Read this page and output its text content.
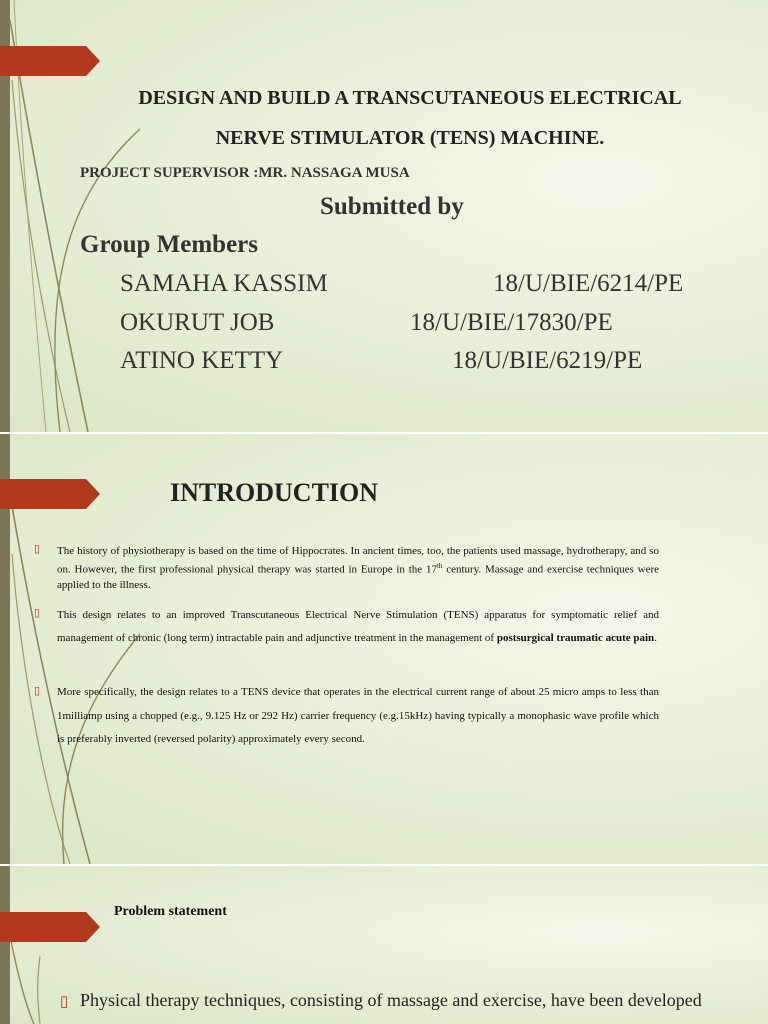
DESIGN AND BUILD A TRANSCUTANEOUS ELECTRICAL
NERVE STIMULATOR (TENS) MACHINE.
PROJECT SUPERVISOR :MR. NASSAGA MUSA
Submitted by
Group Members
SAMAHA KASSIM	18/U/BIE/6214/PE
OKURUT JOB	18/U/BIE/17830/PE
ATINO KETTY	18/U/BIE/6219/PE
INTRODUCTION
▯ The history of physiotherapy is based on the time of Hippocrates. In ancient times, too, the patients used massage, hydrotherapy, and so on. However, the first professional physical therapy was started in Europe in the 17th century. Massage and exercise techniques were applied to the illness.
▯ This design relates to an improved Transcutaneous Electrical Nerve Stimulation (TENS) apparatus for symptomatic relief and management of chronic (long term) intractable pain and adjunctive treatment in the management of postsurgical traumatic acute pain.
▯ More specifically, the design relates to a TENS device that operates in the electrical current range of about 25 micro amps to less than 1milliamp using a chopped (e.g., 9.125 Hz or 292 Hz) carrier frequency (e.g.15kHz) having typically a monophasic wave profile which is preferably inverted (reversed polarity) approximately every second.
Problem statement
▯ Physical therapy techniques, consisting of massage and exercise, have been developed
